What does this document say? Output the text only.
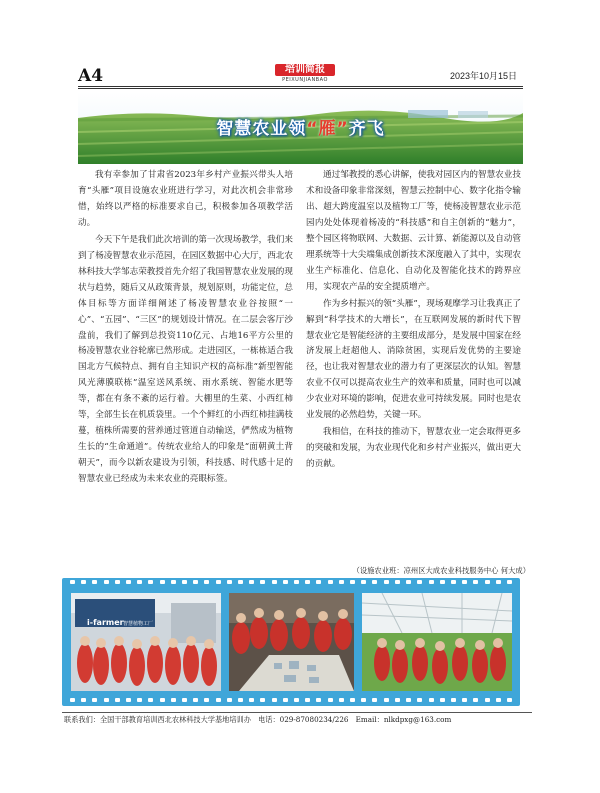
A4	培训简报
PEIXUNJIANBAO	2023年10月15日
智慧农业领“雁”齐飞

我有幸参加了甘肃省2023年乡村产业振兴带头人培育“头雁”项目设施农业班进行学习，对此次机会非常珍惜，始终以严格的标准要求自己，积极参加各项教学活动。

今天下午是我们此次培训的第一次现场教学，我们来到了杨凌智慧农业示范园，在园区数据中心大厅，西北农林科技大学邹志荣教授首先介绍了我国智慧农业发展的现状与趋势，随后又从政策背景，规划原则，功能定位，总体目标等方面详细阐述了杨凌智慧农业谷按照“一心”、“五园”、“三区”的规划设计情况。在二层会客厅沙盘前，我们了解到总投资110亿元、占地16平方公里的杨凌智慧农业谷轮廓已然形成。走进园区，一栋栋适合我国北方气候特点、拥有自主知识产权的高标准“新型智能风光薄膜联栋”温室送风系统、雨水系统、智能水肥等等，都在有条不紊的运行着。大棚里的生菜、小西红柿等，全部生长在机质袋里。一个个鲜红的小西红柿挂满枝蔓，植株所需要的营养通过管道自动输送，俨然成为植物生长的“生命通道”。传统农业给人的印象是“面朝黄土背朝天”，而今以新农建设为引领，科技感、时代感十足的智慧农业已经成为未来农业的亮眼标签。

通过邹教授的悉心讲解，使我对园区内的智慧农业技术和设备印象非常深刻，智慧云控制中心、数字化指令输出、超大跨度温室以及植物工厂等，使杨凌智慧农业示范园内处处体现着杨凌的“科技感”和自主创新的“魅力”，整个园区将物联网、大数据、云计算、新能源以及自动管理系统等十大尖端集成创新技术深度融入了其中，实现农业生产标准化、信息化、自动化及智能化技术的跨界应用，实现农产品的安全提质增产。

作为乡村振兴的领“头雁”，现场观摩学习让我真正了解到“科学技术的大增长”，在互联网发展的新时代下智慧农业它是智能经济的主要组成部分，是发展中国家在经济发展上赶超他人、消除贫困，实现后发优势的主要途径，也让我对智慧农业的潜力有了更深层次的认知。智慧农业不仅可以提高农业生产的效率和质量，同时也可以减少农业对环境的影响，促进农业可持续发展。同时也是农业发展的必然趋势，关键一环。

我相信，在科技的推动下，智慧农业一定会取得更多的突破和发展，为农业现代化和乡村产业振兴，做出更大的贡献。

（设施农业班：凉州区大成农业科技服务中心 何大成）
i-farmer 智慧植物工厂
联系我们：全国干部教育培训西北农林科技大学基地培训办　电话：029-87080234/226　Email：nlkdpxg@163.com
